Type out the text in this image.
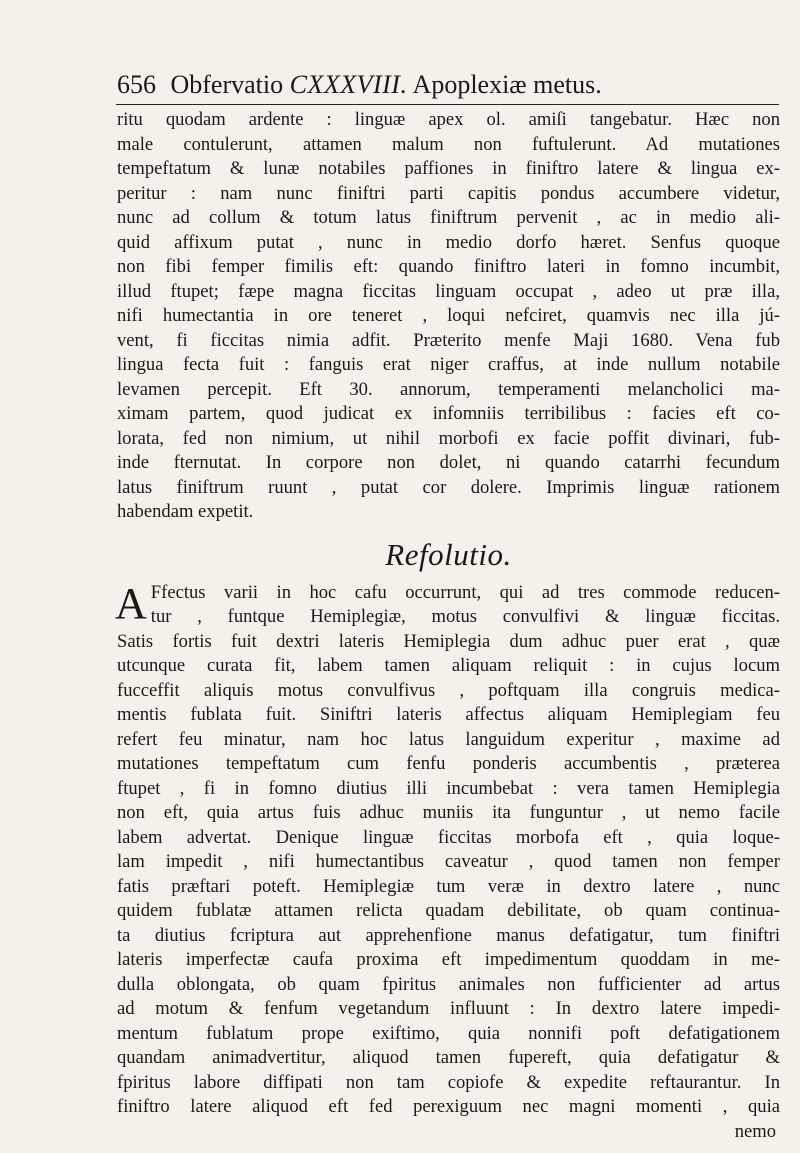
656 Obfervatio CXXXVIII. Apoplexiæ metus.
ritu quodam ardente : linguæ apex ol. amiſi tangebatur. Hæc non
male contulerunt, attamen malum non fuftulerunt. Ad mutationes
tempeftatum & lunæ notabiles paffiones in finiftro latere & lingua ex-
peritur : nam nunc finiftri parti capitis pondus accumbere videtur,
nunc ad collum & totum latus finiftrum pervenit , ac in medio ali-
quid affixum putat , nunc in medio dorfo hæret. Senfus quoque
non fibi femper fimilis eft: quando finiftro lateri in fomno incumbit,
illud ftupet; fæpe magna ficcitas linguam occupat , adeo ut præ illa,
nifi humectantia in ore teneret , loqui nefciret, quamvis nec illa jú-
vent, fi ficcitas nimia adfit. Præterito menfe Maji 1680. Vena fub
lingua fecta fuit : fanguis erat niger craffus, at inde nullum notabile
levamen percepit. Eft 30. annorum, temperamenti melancholici ma-
ximam partem, quod judicat ex infomniis terribilibus : facies eft co-
lorata, fed non nimium, ut nihil morbofi ex facie poffit divinari, fub-
inde fternutat. In corpore non dolet, ni quando catarrhi fecundum
latus finiftrum ruunt , putat cor dolere. Imprimis linguæ rationem
habendam expetit.
Refolutio.
A Ffectus varii in hoc cafu occurrunt, qui ad tres commode reducen-
tur , funtque Hemiplegiæ, motus convulfivi & linguæ ficcitas.
Satis fortis fuit dextri lateris Hemiplegia dum adhuc puer erat , quæ
utcunque curata fit, labem tamen aliquam reliquit : in cujus locum
fucceffit aliquis motus convulfivus , poftquam illa congruis medica-
mentis fublata fuit. Siniftri lateris affectus aliquam Hemiplegiam feu
refert feu minatur, nam hoc latus languidum experitur , maxime ad
mutationes tempeftatum cum fenfu ponderis accumbentis , præterea
ftupet , fi in fomno diutius illi incumbebat : vera tamen Hemiplegia
non eft, quia artus fuis adhuc muniis ita funguntur , ut nemo facile
labem advertat. Denique linguæ ficcitas morbofa eft , quia loque-
lam impedit , nifi humectantibus caveatur , quod tamen non femper
fatis præftari poteft. Hemiplegiæ tum veræ in dextro latere , nunc
quidem fublatæ attamen relicta quadam debilitate, ob quam continua-
ta diutius fcriptura aut apprehenfione manus defatigatur, tum finiftri
lateris imperfectæ caufa proxima eft impedimentum quoddam in me-
dulla oblongata, ob quam fpiritus animales non fufficienter ad artus
ad motum & fenfum vegetandum influunt : In dextro latere impedi-
mentum fublatum prope exiftimo, quia nonnifi poft defatigationem
quandam animadvertitur, aliquod tamen fupereft, quia defatigatur &
fpiritus labore diffipati non tam copiofe & expedite reftaurantur. In
finiftro latere aliquod eft fed perexiguum nec magni momenti , quia
nemo
